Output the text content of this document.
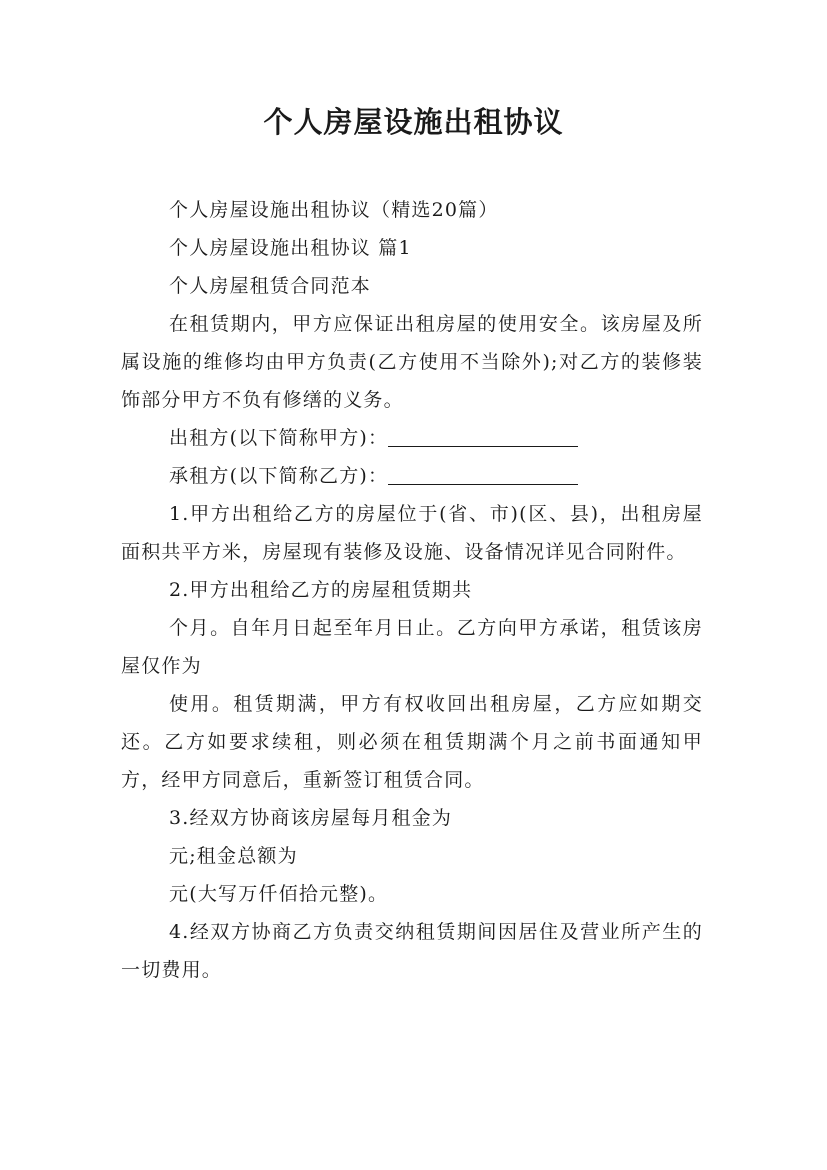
个人房屋设施出租协议

个人房屋设施出租协议（精选20篇）

个人房屋设施出租协议 篇1

个人房屋租赁合同范本

在租赁期内，甲方应保证出租房屋的使用安全。该房屋及所属设施的维修均由甲方负责(乙方使用不当除外);对乙方的装修装饰部分甲方不负有修缮的义务。

出租方(以下简称甲方)：

承租方(以下简称乙方)：

1.甲方出租给乙方的房屋位于(省、市)(区、县)，出租房屋面积共平方米，房屋现有装修及设施、设备情况详见合同附件。

2.甲方出租给乙方的房屋租赁期共

个月。自年月日起至年月日止。乙方向甲方承诺，租赁该房屋仅作为

使用。租赁期满，甲方有权收回出租房屋，乙方应如期交还。乙方如要求续租，则必须在租赁期满个月之前书面通知甲方，经甲方同意后，重新签订租赁合同。

3.经双方协商该房屋每月租金为

元;租金总额为

元(大写万仟佰拾元整)。

4.经双方协商乙方负责交纳租赁期间因居住及营业所产生的一切费用。
